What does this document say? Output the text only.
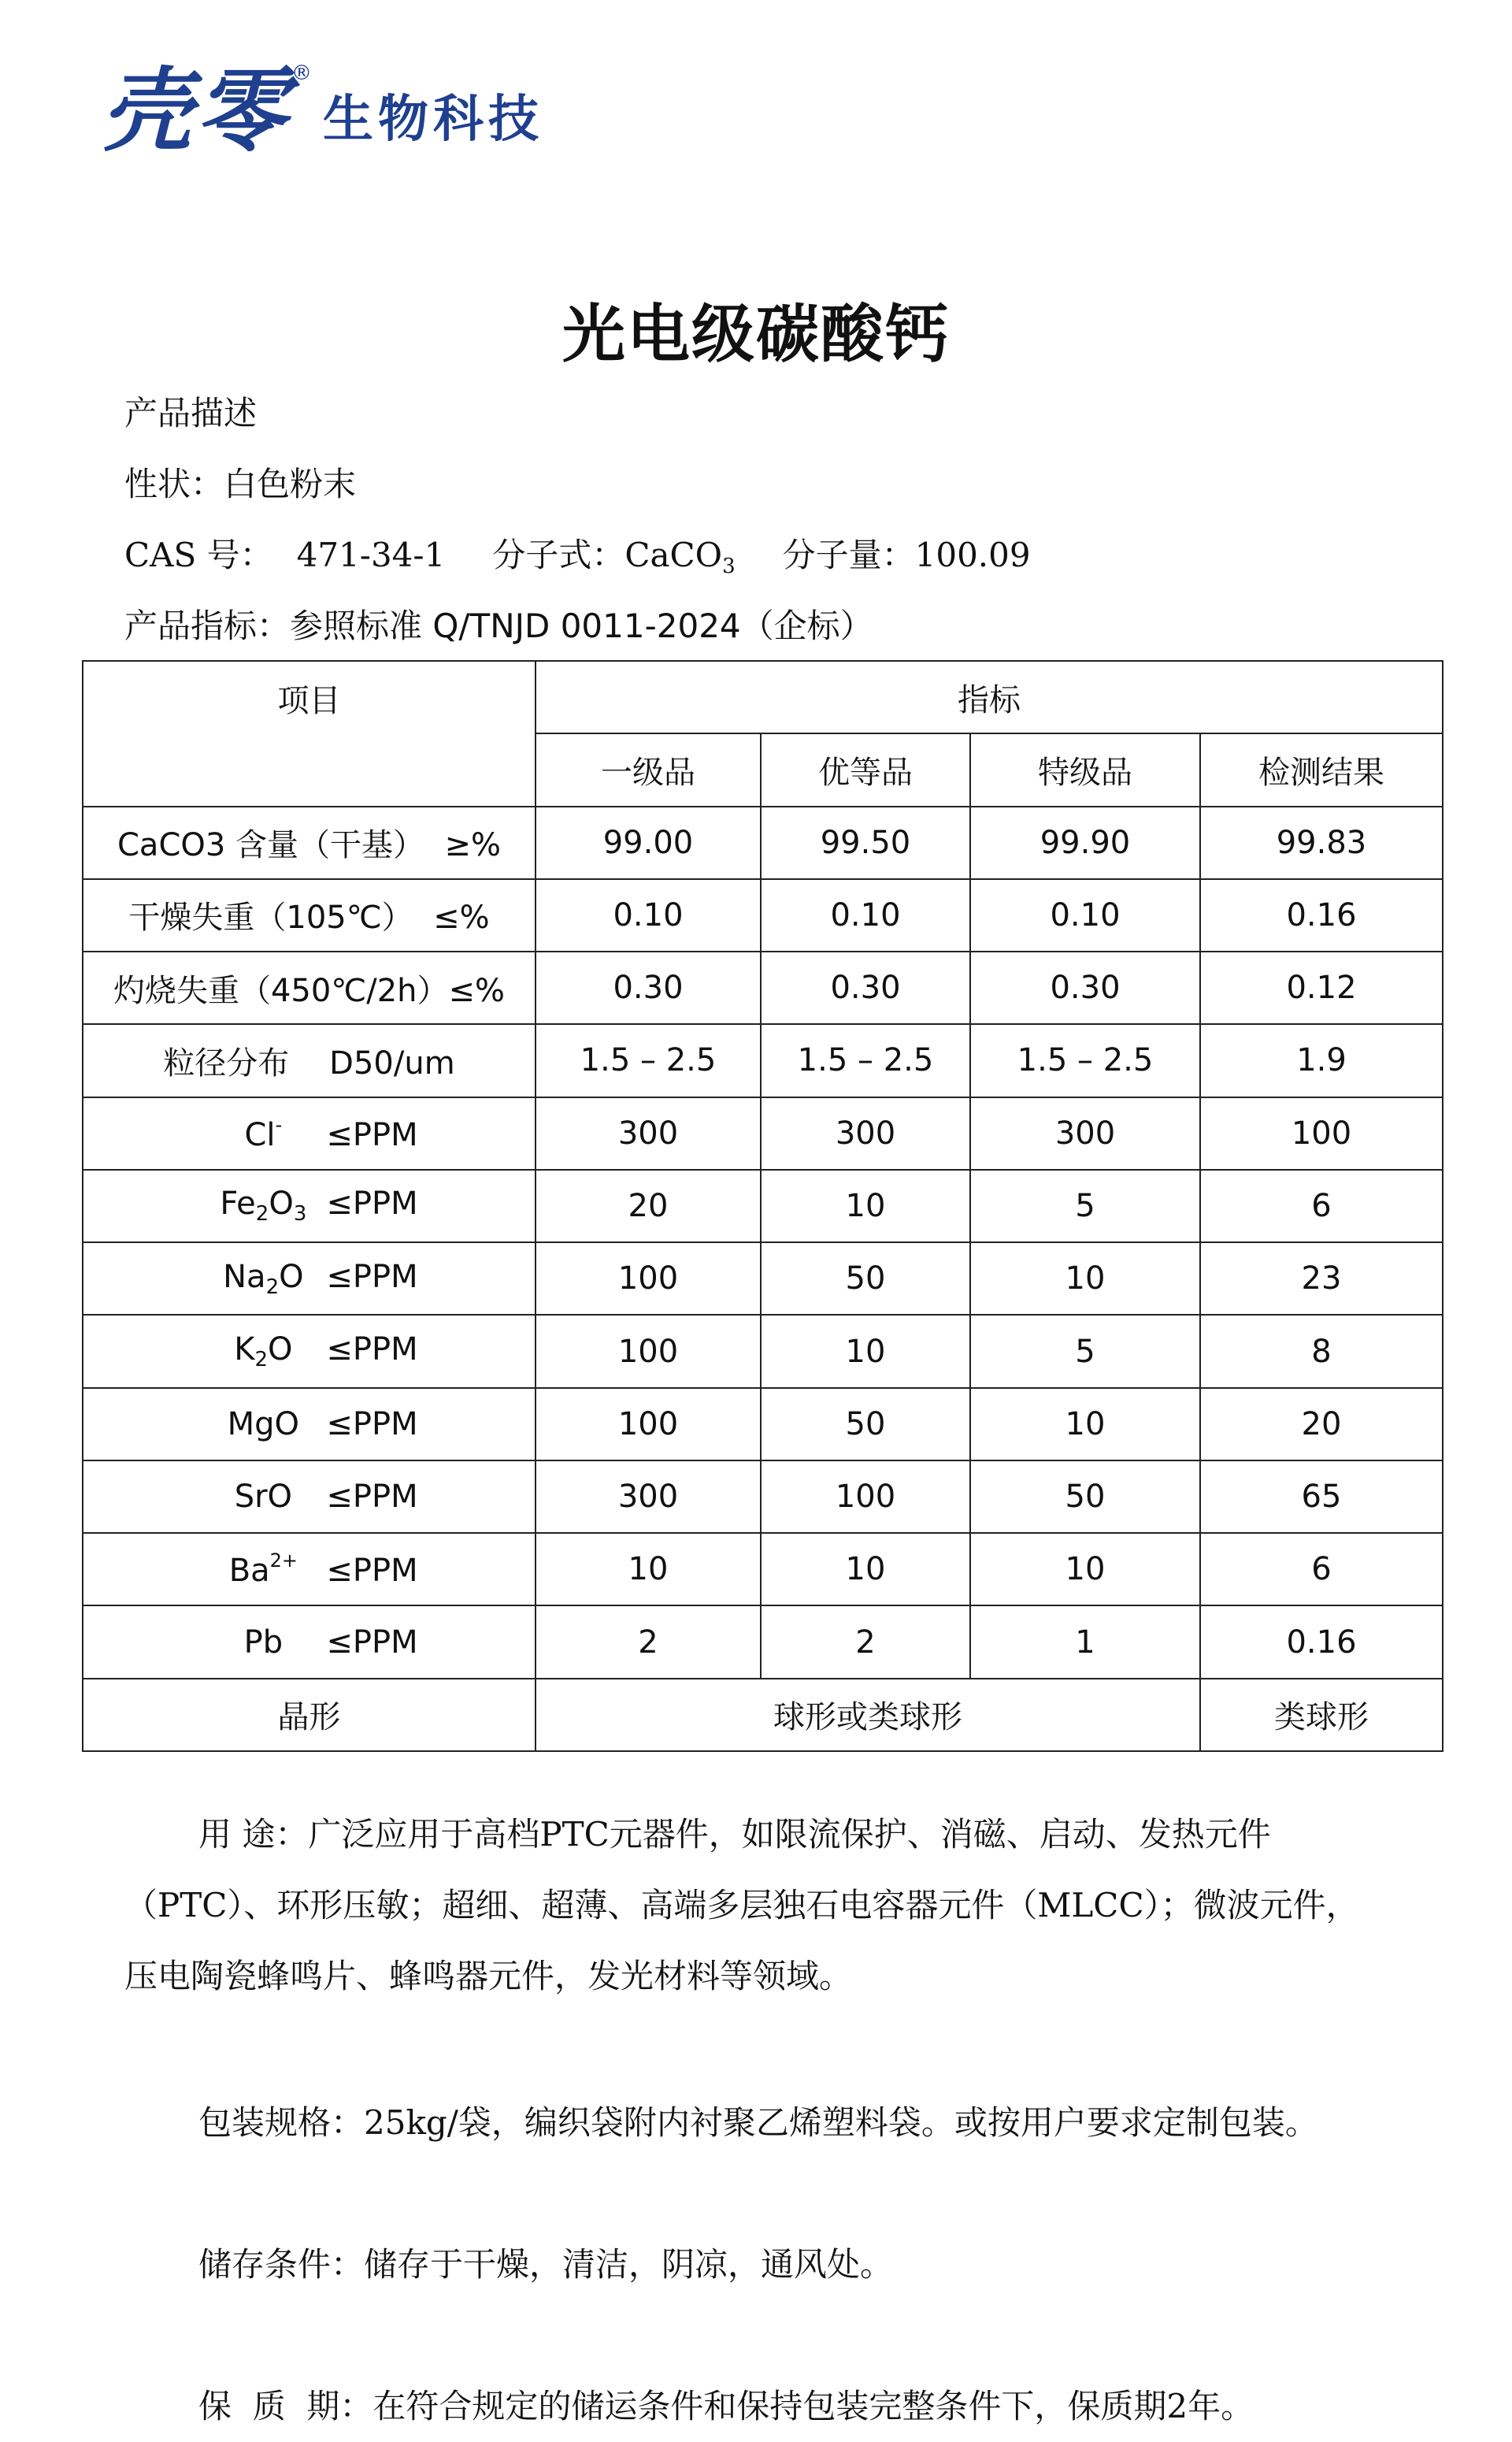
壳零 ®
生物科技
光电级碳酸钙
产品描述
性状：白色粉末
CAS 号： 471-34-1 分子式：CaCO$_3$ 分子量：100.09
产品指标：参照标准 Q/TNJD 0011-2024（企标）
项目	指标			
	一级品	优等品	特级品	检测结果
CaCO3 含量（干基）  ≥%	99.00	99.50	99.90	99.83
干燥失重（105℃）  ≤%	0.10	0.10	0.10	0.16
灼烧失重（450℃/2h）≤%	0.30	0.30	0.30	0.12
粒径分布    D50/um	1.5 – 2.5	1.5 – 2.5	1.5 – 2.5	1.9
Cl- ≤PPM	300	300	300	100
$Fe_2O_3 \le PPM$	20	10	5	6
$Na_2O \le PPM$	100	50	10	23
$K_2O \le PPM$	100	10	5	8
MgO ≤PPM	100	50	10	20
SrO ≤PPM	300	100	50	65
$Ba^{2+} \le PPM$	10	10	10	6
Pb ≤PPM	2	2	1	0.16
晶形	球形或类球形			类球形
用 途：广泛应用于高档PTC元器件，如限流保护、消磁、启动、发热元件（PTC）、环形压敏；超细、超薄、高端多层独石电容器元件（MLCC）；微波元件，压电陶瓷蜂鸣片、蜂鸣器元件，发光材料等领域。
包装规格：25kg/袋，编织袋附内衬聚乙烯塑料袋。或按用户要求定制包装。
储存条件：储存于干燥，清洁，阴凉，通风处。
保  质  期：在符合规定的储运条件和保持包装完整条件下，保质期2年。
